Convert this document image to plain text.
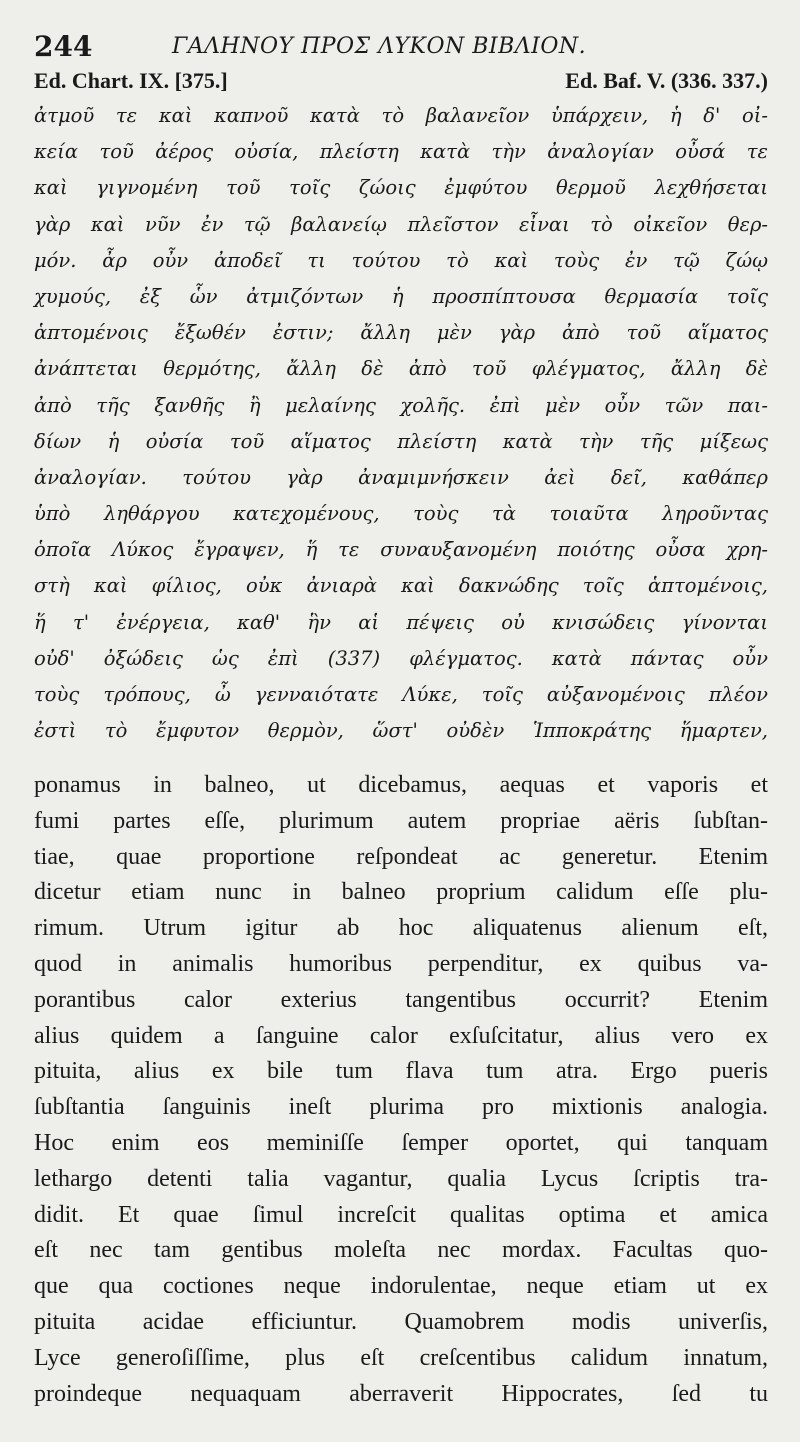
244	ΓΑΛΗΝΟΥ ΠΡΟΣ ΛΥΚΟΝ ΒΙΒΛΙΟΝ.
Ed. Chart. IX. [375.]	Ed. Baf. V. (336. 337.)
ἀτμοῦ τε καὶ καπνοῦ κατὰ τὸ βαλανεῖον ὑπάρχειν, ἡ δ' οἰ-
κεία τοῦ ἀέρος οὐσία, πλείστη κατὰ τὴν ἀναλογίαν οὖσά τε
καὶ γιγνομένη τοῦ τοῖς ζώοις ἐμφύτου θερμοῦ λεχθήσεται
γὰρ καὶ νῦν ἐν τῷ βαλανείῳ πλεῖστον εἶναι τὸ οἰκεῖον θερ-
μόν. ἆρ οὖν ἀποδεῖ τι τούτου τὸ καὶ τοὺς ἐν τῷ ζώῳ
χυμούς, ἐξ ὧν ἀτμιζόντων ἡ προσπίπτουσα θερμασία τοῖς
ἁπτομένοις ἔξωθέν ἐστιν; ἄλλη μὲν γὰρ ἀπὸ τοῦ αἵματος
ἀνάπτεται θερμότης, ἄλλη δὲ ἀπὸ τοῦ φλέγματος, ἄλλη δὲ
ἀπὸ τῆς ξανθῆς ἢ μελαίνης χολῆς. ἐπὶ μὲν οὖν τῶν παι-
δίων ἡ οὐσία τοῦ αἵματος πλείστη κατὰ τὴν τῆς μίξεως
ἀναλογίαν. τούτου γὰρ ἀναμιμνήσκειν ἀεὶ δεῖ, καθάπερ
ὑπὸ ληθάργου κατεχομένους, τοὺς τὰ τοιαῦτα ληροῦντας
ὁποῖα Λύκος ἔγραψεν, ἥ τε συναυξανομένη ποιότης οὖσα χρη-
στὴ καὶ φίλιος, οὐκ ἀνιαρὰ καὶ δακνώδης τοῖς ἁπτομένοις,
ἥ τ' ἐνέργεια, καθ' ἣν αἱ πέψεις οὐ κνισώδεις γίνονται
οὐδ' ὀξώδεις ὡς ἐπὶ (337) φλέγματος. κατὰ πάντας οὖν
τοὺς τρόπους, ὦ γενναιότατε Λύκε, τοῖς αὐξανομένοις πλέον
ἐστὶ τὸ ἔμφυτον θερμὸν, ὥστ' οὐδὲν Ἱπποκράτης ἥμαρτεν,
ponamus in balneo, ut dicebamus, aequas et vaporis et
fumi partes eſſe, plurimum autem propriae aëris ſubſtan-
tiae, quae proportione reſpondeat ac generetur. Etenim
dicetur etiam nunc in balneo proprium calidum eſſe plu-
rimum. Utrum igitur ab hoc aliquatenus alienum eſt,
quod in animalis humoribus perpenditur, ex quibus va-
porantibus calor exterius tangentibus occurrit? Etenim
alius quidem a ſanguine calor exſuſcitatur, alius vero ex
pituita, alius ex bile tum flava tum atra. Ergo pueris
ſubſtantia ſanguinis ineſt plurima pro mixtionis analogia.
Hoc enim eos meminiſſe ſemper oportet, qui tanquam
lethargo detenti talia vagantur, qualia Lycus ſcriptis tra-
didit. Et quae ſimul increſcit qualitas optima et amica
eſt nec tam gentibus moleſta nec mordax. Facultas quo-
que qua coctiones neque indorulentae, neque etiam ut ex
pituita acidae efficiuntur. Quamobrem modis univerſis,
Lyce generoſiſſime, plus eſt creſcentibus calidum innatum,
proindeque nequaquam aberraverit Hippocrates, ſed tu
